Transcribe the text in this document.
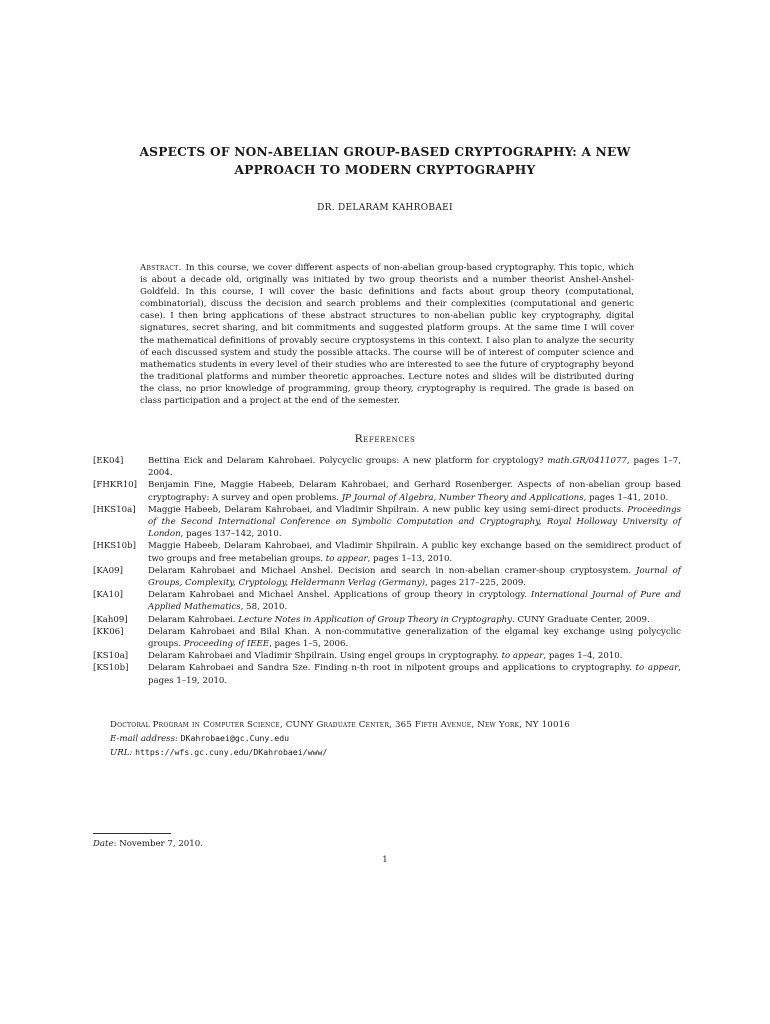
ASPECTS OF NON-ABELIAN GROUP-BASED CRYPTOGRAPHY: A NEW
APPROACH TO MODERN CRYPTOGRAPHY
DR. DELARAM KAHROBAEI
Abstract. In this course, we cover different aspects of non-abelian group-based cryptography. This topic, which is about a decade old, originally was initiated by two group theorists and a number theorist Anshel-Anshel-Goldfeld. In this course, I will cover the basic definitions and facts about group theory (computational, combinatorial), discuss the decision and search problems and their complexities (computational and generic case). I then bring applications of these abstract structures to non-abelian public key cryptography, digital signatures, secret sharing, and bit commitments and suggested platform groups. At the same time I will cover the mathematical definitions of provably secure cryptosystems in this context. I also plan to analyze the security of each discussed system and study the possible attacks. The course will be of interest of computer science and mathematics students in every level of their studies who are interested to see the future of cryptography beyond the traditional platforms and number theoretic approaches. Lecture notes and slides will be distributed during the class, no prior knowledge of programming, group theory, cryptography is required. The grade is based on class participation and a project at the end of the semester.
References
[EK04]	Bettina Eick and Delaram Kahrobaei. Polycyclic groups: A new platform for cryptology? math.GR/0411077, pages 1–7, 2004.
[FHKR10] Benjamin Fine, Maggie Habeeb, Delaram Kahrobaei, and Gerhard Rosenberger. Aspects of non-abelian group based cryptography: A survey and open problems. JP Journal of Algebra, Number Theory and Applications, pages 1–41, 2010.
[HKS10a] Maggie Habeeb, Delaram Kahrobaei, and Vladimir Shpilrain. A new public key using semi-direct products. Proceedings of the Second International Conference on Symbolic Computation and Cryptography, Royal Holloway University of London, pages 137–142, 2010.
[HKS10b] Maggie Habeeb, Delaram Kahrobaei, and Vladimir Shpilrain. A public key exchange based on the semidirect product of two groups and free metabelian groups. to appear, pages 1–13, 2010.
[KA09]	Delaram Kahrobaei and Michael Anshel. Decision and search in non-abelian cramer-shoup cryptosystem. Journal of Groups, Complexity, Cryptology, Heldermann Verlag (Germany), pages 217–225, 2009.
[KA10]	Delaram Kahrobaei and Michael Anshel. Applications of group theory in cryptology. International Journal of Pure and Applied Mathematics, 58, 2010.
[Kah09] Delaram Kahrobaei. Lecture Notes in Application of Group Theory in Cryptography. CUNY Graduate Center, 2009.
[KK06]	Delaram Kahrobaei and Bilal Khan. A non-commutative generalization of the elgamal key exchange using polycyclic groups. Proceeding of IEEE, pages 1–5, 2006.
[KS10a] Delaram Kahrobaei and Vladimir Shpilrain. Using engel groups in cryptography. to appear, pages 1–4, 2010.
[KS10b] Delaram Kahrobaei and Sandra Sze. Finding n-th root in nilpotent groups and applications to cryptography. to appear, pages 1–19, 2010.
Doctoral Program in Computer Science, CUNY Graduate Center, 365 Fifth Avenue, New York, NY 10016
E-mail address: DKahrobaei@gc.Cuny.edu
URL: https://wfs.gc.cuny.edu/DKahrobaei/www/
Date: November 7, 2010.
1
